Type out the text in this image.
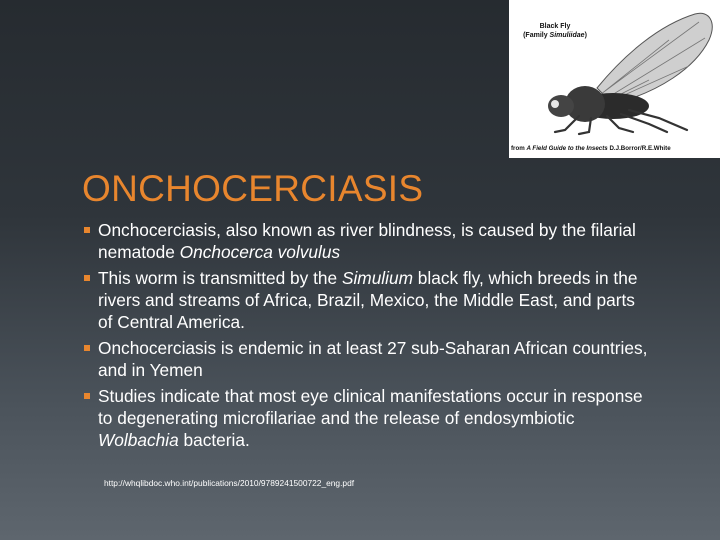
Black Fly
(Family Simuliidae)
from A Field Guide to the Insects D.J.Borror/R.E.White
ONCHOCERCIASIS
Onchocerciasis, also known as river blindness, is caused by the filarial nematode Onchocerca volvulus
This worm is transmitted by the Simulium black fly, which breeds in the rivers and streams of Africa, Brazil, Mexico, the Middle East, and parts of Central America.
Onchocerciasis is endemic in at least 27 sub-Saharan African countries, and in Yemen
Studies indicate that most eye clinical manifestations occur in response to degenerating microfilariae and the release of endosymbiotic Wolbachia bacteria.
http://whqlibdoc.who.int/publications/2010/9789241500722_eng.pdf
